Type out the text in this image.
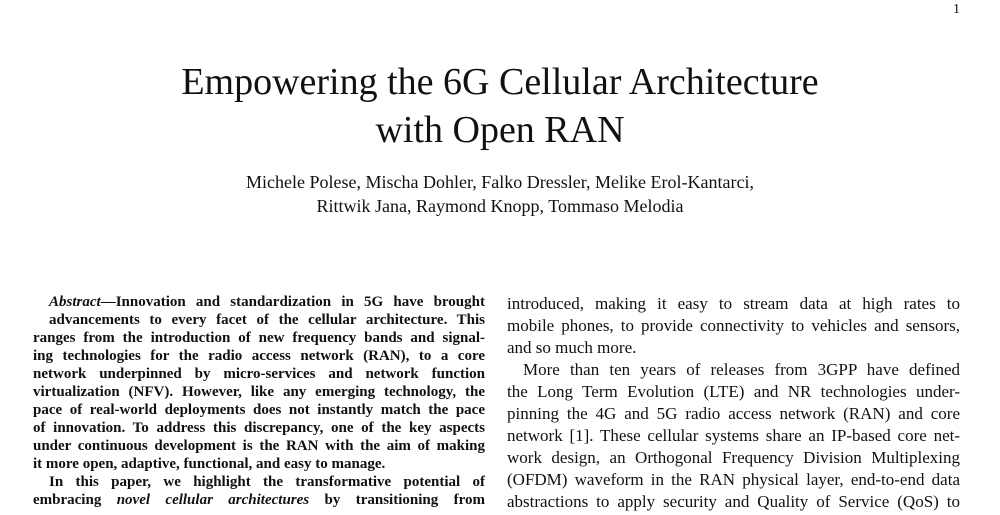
1
Empowering the 6G Cellular Architecture
with Open RAN
Michele Polese, Mischa Dohler, Falko Dressler, Melike Erol-Kantarci,
Rittwik Jana, Raymond Knopp, Tommaso Melodia

Abstract—Innovation and standardization in 5G have brought
advancements to every facet of the cellular architecture. This
ranges from the introduction of new frequency bands and signal-
ing technologies for the radio access network (RAN), to a core
network underpinned by micro-services and network function
virtualization (NFV). However, like any emerging technology, the
pace of real-world deployments does not instantly match the pace
of innovation. To address this discrepancy, one of the key aspects
under continuous development is the RAN with the aim of making
it more open, adaptive, functional, and easy to manage.

In this paper, we highlight the transformative potential of
embracing novel cellular architectures by transitioning from

introduced, making it easy to stream data at high rates to
mobile phones, to provide connectivity to vehicles and sensors,
and so much more.

More than ten years of releases from 3GPP have defined
the Long Term Evolution (LTE) and NR technologies under-
pinning the 4G and 5G radio access network (RAN) and core
network [1]. These cellular systems share an IP-based core net-
work design, an Orthogonal Frequency Division Multiplexing
(OFDM) waveform in the RAN physical layer, end-to-end data
abstractions to apply security and Quality of Service (QoS) to
